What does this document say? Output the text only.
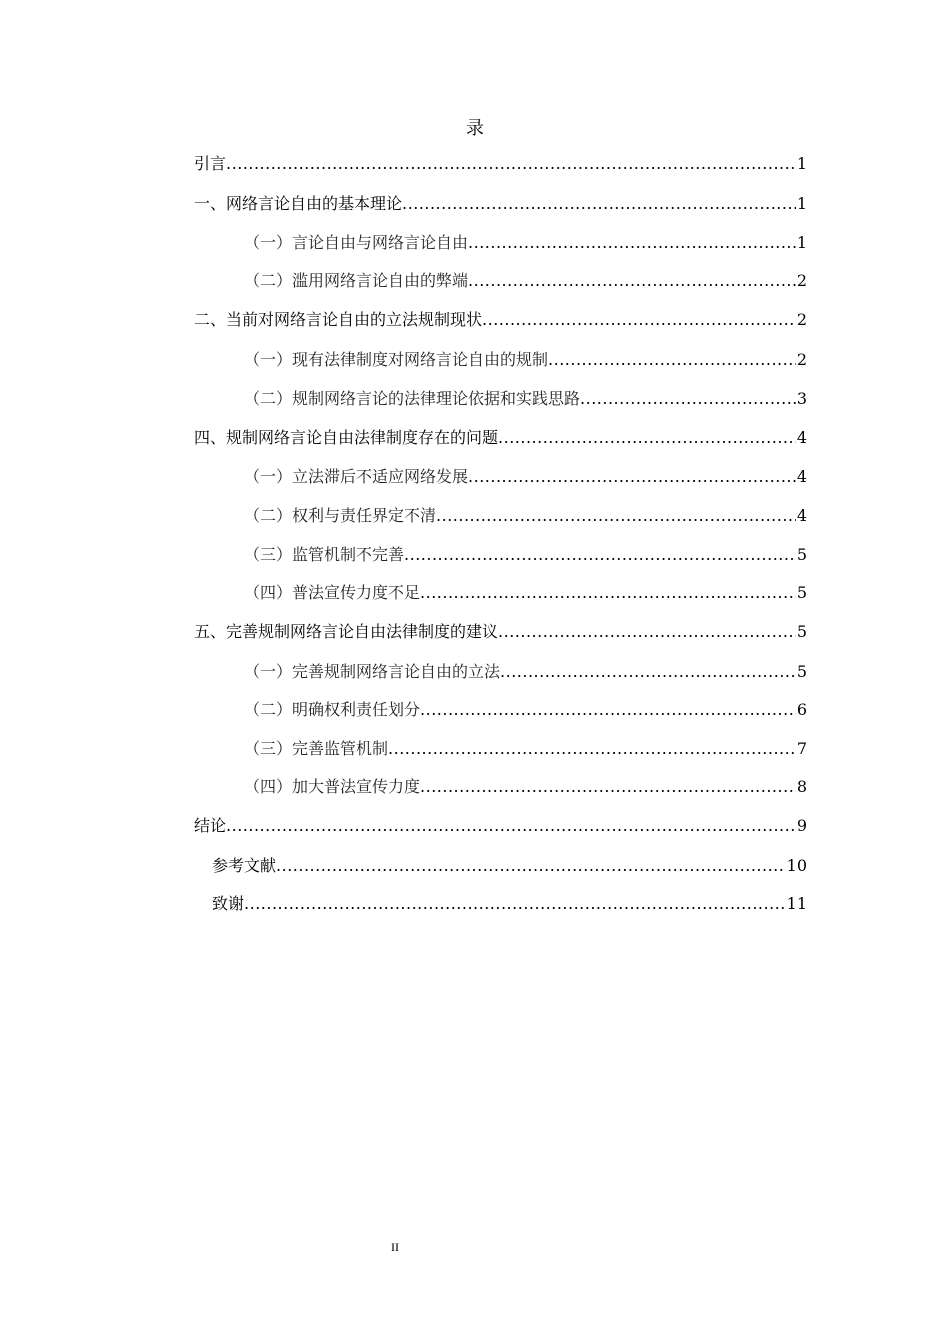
录
引言 .....	1
一、网络言论自由的基本理论 .....	1
（一）言论自由与网络言论自由 .....	1
（二）滥用网络言论自由的弊端 .....	2
二、当前对网络言论自由的立法规制现状 .....	2
（一）现有法律制度对网络言论自由的规制 .....	2
（二）规制网络言论的法律理论依据和实践思路 .....	3
四、规制网络言论自由法律制度存在的问题 .....	4
（一）立法滞后不适应网络发展 .....	4
（二）权利与责任界定不清 .....	4
（三）监管机制不完善 .....	5
（四）普法宣传力度不足 .....	5
五、完善规制网络言论自由法律制度的建议 .....	5
（一）完善规制网络言论自由的立法 .....	5
（二）明确权利责任划分 .....	6
（三）完善监管机制 .....	7
（四）加大普法宣传力度 .....	8
结论 .....	9
参考文献 .....	10
致谢 .....	11
II
